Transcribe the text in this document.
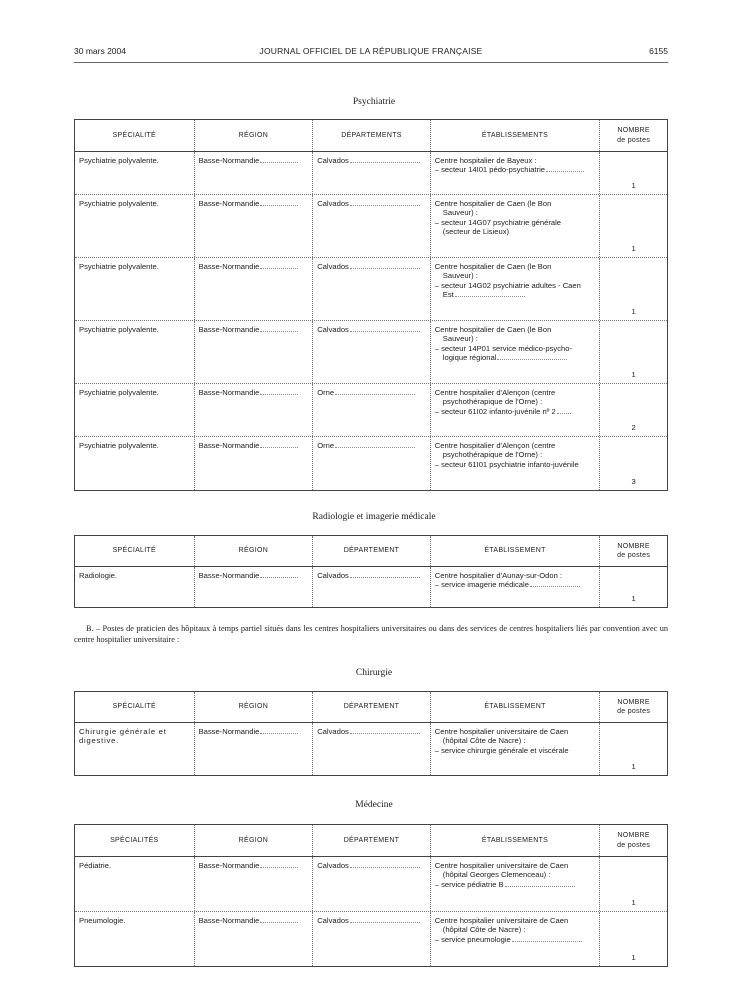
30 mars 2004	JOURNAL OFFICIEL DE LA RÉPUBLIQUE FRANÇAISE	6155
Psychiatrie
SPÉCIALITÉ	RÉGION	DÉPARTEMENTS	ÉTABLISSEMENTS
NOMBRE
de postes
Psychiatrie polyvalente.	Basse-Normandie	Calvados	Centre hospitalier de Bayeux :
– secteur 14I01 pédo-psychiatrie
1
Psychiatrie polyvalente.	Basse-Normandie	Calvados	Centre hospitalier de Caen (le Bon
Sauveur) :
– secteur 14G07 psychiatrie générale
(secteur de Lisieux)
1
Psychiatrie polyvalente.	Basse-Normandie	Calvados	Centre hospitalier de Caen (le Bon
Sauveur) :
– secteur 14G02 psychiatrie adultes - Caen
Est
1
Psychiatrie polyvalente.	Basse-Normandie	Calvados	Centre hospitalier de Caen (le Bon
Sauveur) :
– secteur 14P01 service médico-psycho-
logique régional
1
Psychiatrie polyvalente.	Basse-Normandie	Orne	Centre hospitalier d'Alençon (centre
psychothérapique de l'Orne) :
– secteur 61I02 infanto-juvénile nº 2
2
Psychiatrie polyvalente.	Basse-Normandie	Orne	Centre hospitalier d'Alençon (centre
psychothérapique de l'Orne) :
– secteur 61I01 psychiatrie infanto-juvénile
3
Radiologie et imagerie médicale
SPÉCIALITÉ	RÉGION	DÉPARTEMENT	ÉTABLISSEMENT
NOMBRE
de postes
Radiologie.	Basse-Normandie	Calvados	Centre hospitalier d'Aunay-sur-Odon :
– service imagerie médicale
1
B. – Postes de praticien des hôpitaux à temps partiel situés dans les centres hospitaliers universitaires ou dans des services de centres hospitaliers liés par convention avec un centre hospitalier universitaire :
Chirurgie
SPÉCIALITÉ	RÉGION	DÉPARTEMENT	ÉTABLISSEMENT
NOMBRE
de postes
Chirurgie générale et digestive.
Basse-Normandie	Calvados	Centre hospitalier universitaire de Caen
(hôpital Côte de Nacre) :
– service chirurgie générale et viscérale
1
Médecine
SPÉCIALITÉS	RÉGION	DÉPARTEMENT	ÉTABLISSEMENTS
NOMBRE
de postes
Pédiatrie.	Basse-Normandie	Calvados	Centre hospitalier universitaire de Caen
(hôpital Georges Clemenceau) :
– service pédiatrie B
1
Pneumologie.	Basse-Normandie	Calvados	Centre hospitalier universitaire de Caen
(hôpital Côte de Nacre) :
– service pneumologie
1
